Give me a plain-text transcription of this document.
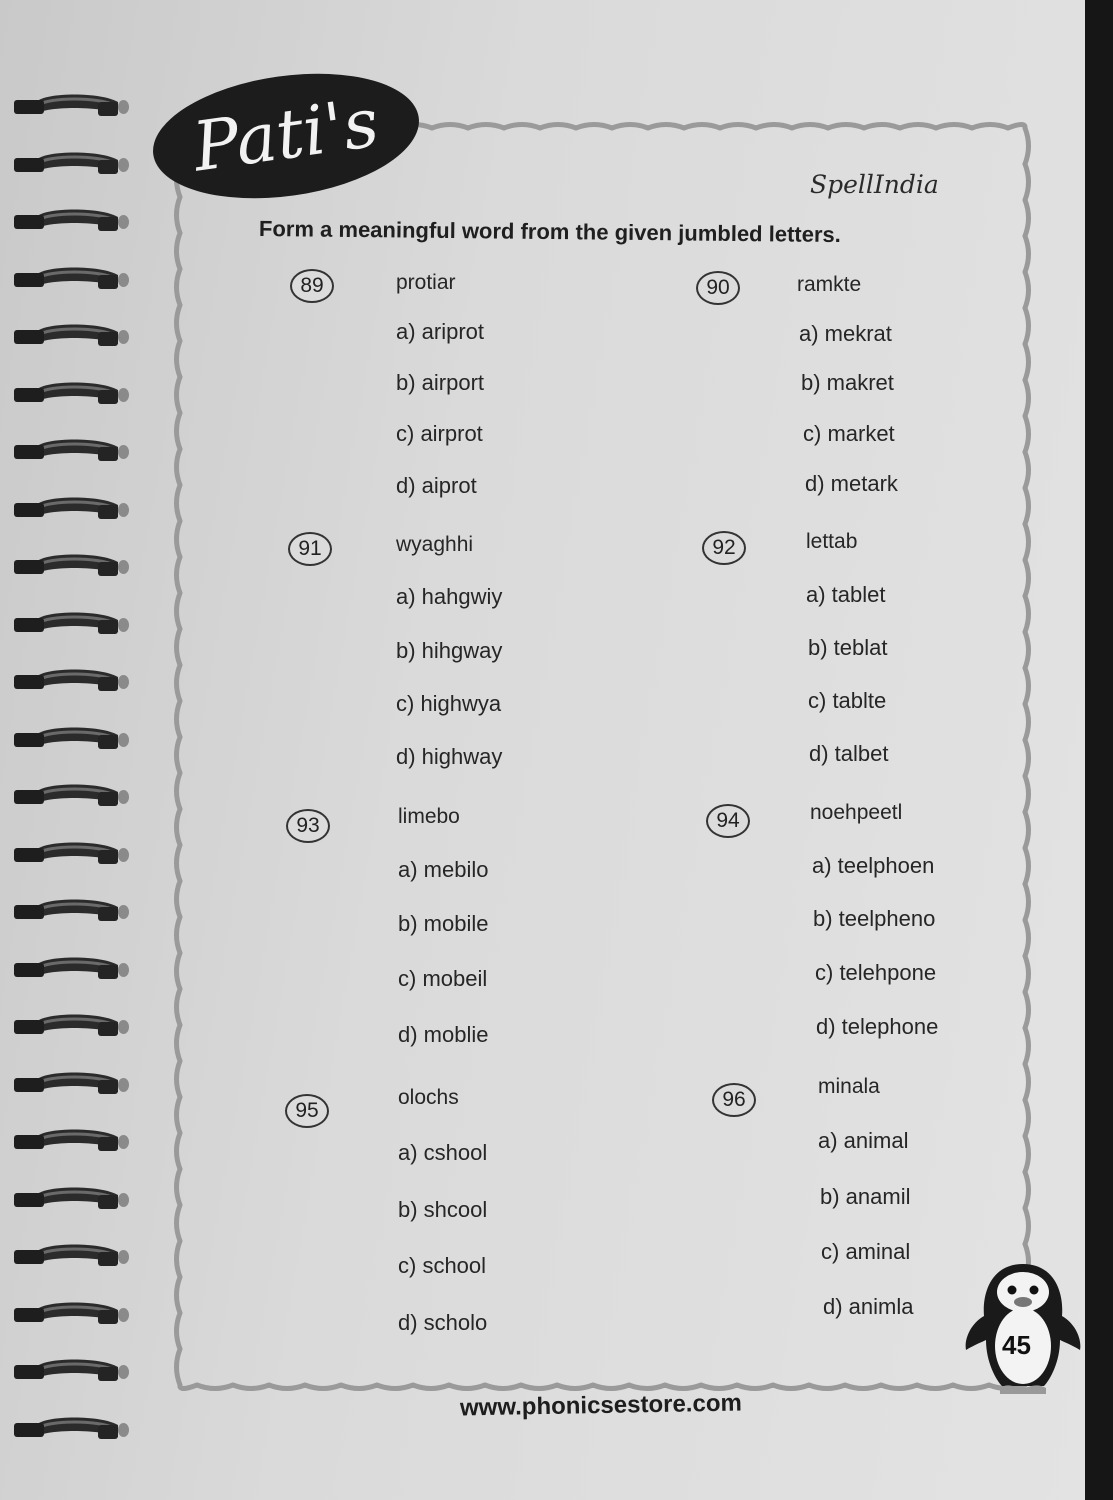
Pati's	SpellIndia
Form a meaningful word from the given jumbled letters.
89	protiar
a) ariprot
b) airport
c) airprot
d) aiprot
90	ramkte
a) mekrat
b) makret
c) market
d) metark
91	wyaghhi
a) hahgwiy
b) hihgway
c) highwya
d) highway
92	lettab
a) tablet
b) teblat
c) tablte
d) talbet
93	limebo
a) mebilo
b) mobile
c) mobeil
d) moblie
94	noehpeetl
a) teelphoen
b) teelpheno
c) telehpone
d) telephone
95
olochs
a) cshool
b) shcool
c) school
d) scholo
96
minala
a) animal
b) anamil
c) aminal
d) animla
45
www.phonicsestore.com
